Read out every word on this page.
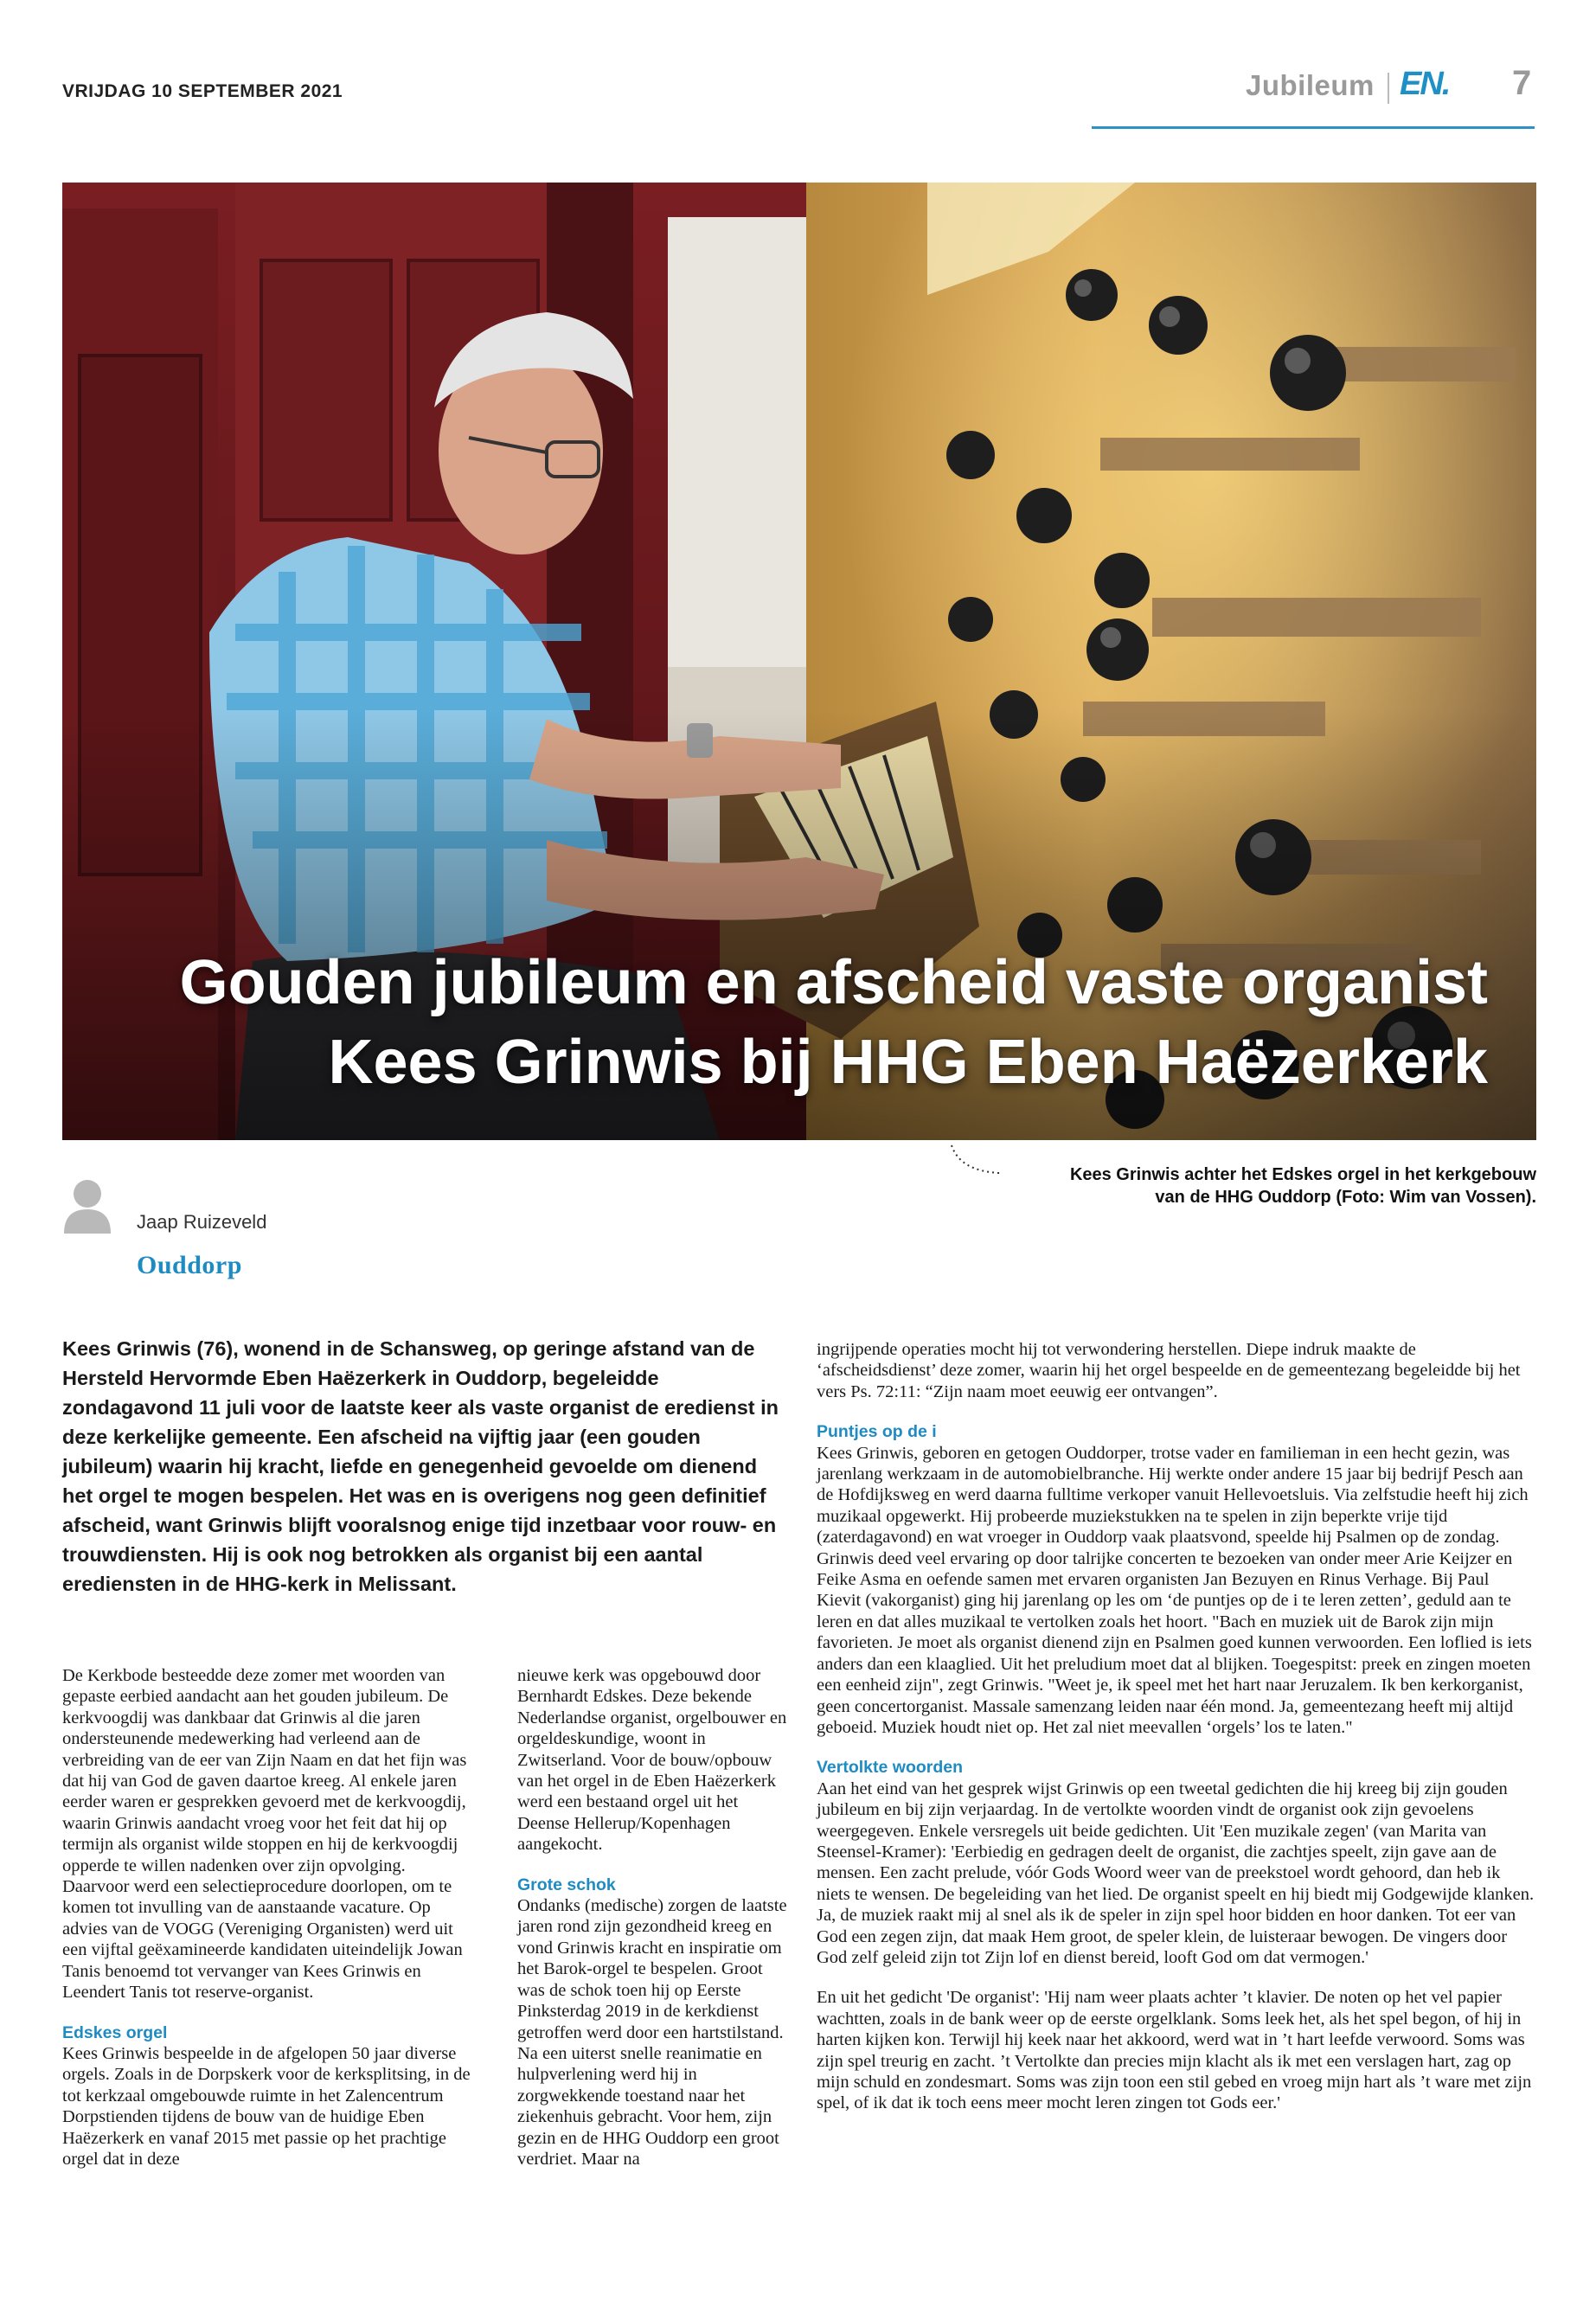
VRIJDAG 10 SEPTEMBER 2021	Jubileum EN. 7
Gouden jubileum en afscheid vaste organist
Kees Grinwis bij HHG Eben Haëzerkerk
Kees Grinwis achter het Edskes orgel in het kerkgebouw
van de HHG Ouddorp (Foto: Wim van Vossen).
Jaap Ruizeveld
Ouddorp

Kees Grinwis (76), wonend in de Schansweg, op geringe afstand van de Hersteld Hervormde Eben Haëzerkerk in Ouddorp, begeleidde zondagavond 11 juli voor de laatste keer als vaste organist de eredienst in deze kerkelijke gemeente. Een afscheid na vijftig jaar (een gouden jubileum) waarin hij kracht, liefde en genegenheid gevoelde om dienend het orgel te mogen bespelen. Het was en is overigens nog geen definitief afscheid, want Grinwis blijft vooralsnog enige tijd inzetbaar voor rouw- en trouwdiensten. Hij is ook nog betrokken als organist bij een aantal erediensten in de HHG-kerk in Melissant.

De Kerkbode besteedde deze zomer met woorden van gepaste eerbied aandacht aan het gouden jubileum. De kerkvoogdij was dankbaar dat Grinwis al die jaren ondersteunende medewerking had verleend aan de verbreiding van de eer van Zijn Naam en dat het fijn was dat hij van God de gaven daartoe kreeg. Al enkele jaren eerder waren er gesprekken gevoerd met de kerkvoogdij, waarin Grinwis aandacht vroeg voor het feit dat hij op termijn als organist wilde stoppen en hij de kerkvoogdij opperde te willen nadenken over zijn opvolging. Daarvoor werd een selectieprocedure doorlopen, om te komen tot invulling van de aanstaande vacature. Op advies van de VOGG (Vereniging Organisten) werd uit een vijftal geëxamineerde kandidaten uiteindelijk Jowan Tanis benoemd tot vervanger van Kees Grinwis en Leendert Tanis tot reserve-organist.

Edskes orgel

Kees Grinwis bespeelde in de afgelopen 50 jaar diverse orgels. Zoals in de Dorpskerk voor de kerksplitsing, in de tot kerkzaal omgebouwde ruimte in het Zalencentrum Dorpstienden tijdens de bouw van de huidige Eben Haëzerkerk en vanaf 2015 met passie op het prachtige orgel dat in deze

nieuwe kerk was opgebouwd door Bernhardt Edskes. Deze bekende Nederlandse organist, orgelbouwer en orgeldeskundige, woont in Zwitserland. Voor de bouw/opbouw van het orgel in de Eben Haëzerkerk werd een bestaand orgel uit het Deense Hellerup/Kopenhagen aangekocht.

Grote schok

Ondanks (medische) zorgen de laatste jaren rond zijn gezondheid kreeg en vond Grinwis kracht en inspiratie om het Barok-orgel te bespelen. Groot was de schok toen hij op Eerste Pinksterdag 2019 in de kerkdienst getroffen werd door een hartstilstand. Na een uiterst snelle reanimatie en hulpverlening werd hij in zorgwekkende toestand naar het ziekenhuis gebracht. Voor hem, zijn gezin en de HHG Ouddorp een groot verdriet. Maar na

ingrijpende operaties mocht hij tot verwondering herstellen. Diepe indruk maakte de ‘afscheidsdienst’ deze zomer, waarin hij het orgel bespeelde en de gemeentezang begeleidde bij het vers Ps. 72:11: “Zijn naam moet eeuwig eer ontvangen”.

Puntjes op de i

Kees Grinwis, geboren en getogen Ouddorper, trotse vader en familieman in een hecht gezin, was jarenlang werkzaam in de automobielbranche. Hij werkte onder andere 15 jaar bij bedrijf Pesch aan de Hofdijksweg en werd daarna fulltime verkoper vanuit Hellevoetsluis. Via zelfstudie heeft hij zich muzikaal opgewerkt. Hij probeerde muziekstukken na te spelen in zijn beperkte vrije tijd (zaterdagavond) en wat vroeger in Ouddorp vaak plaatsvond, speelde hij Psalmen op de zondag. Grinwis deed veel ervaring op door talrijke concerten te bezoeken van onder meer Arie Keijzer en Feike Asma en oefende samen met ervaren organisten Jan Bezuyen en Rinus Verhage. Bij Paul Kievit (vakorganist) ging hij jarenlang op les om ‘de puntjes op de i te leren zetten’, geduld aan te leren en dat alles muzikaal te vertolken zoals het hoort. "Bach en muziek uit de Barok zijn mijn favorieten. Je moet als organist dienend zijn en Psalmen goed kunnen verwoorden. Een loflied is iets anders dan een klaaglied. Uit het preludium moet dat al blijken. Toegespitst: preek en zingen moeten een eenheid zijn", zegt Grinwis. "Weet je, ik speel met het hart naar Jeruzalem. Ik ben kerkorganist, geen concertorganist. Massale samenzang leiden naar één mond. Ja, gemeentezang heeft mij altijd geboeid. Muziek houdt niet op. Het zal niet meevallen ‘orgels’ los te laten."

Vertolkte woorden

Aan het eind van het gesprek wijst Grinwis op een tweetal gedichten die hij kreeg bij zijn gouden jubileum en bij zijn verjaardag. In de vertolkte woorden vindt de organist ook zijn gevoelens weergegeven. Enkele versregels uit beide gedichten. Uit 'Een muzikale zegen' (van Marita van Steensel-Kramer): 'Eerbiedig en gedragen deelt de organist, die zachtjes speelt, zijn gave aan de mensen. Een zacht prelude, vóór Gods Woord weer van de preekstoel wordt gehoord, dan heb ik niets te wensen. De begeleiding van het lied. De organist speelt en hij biedt mij Godgewijde klanken. Ja, de muziek raakt mij al snel als ik de speler in zijn spel hoor bidden en hoor danken. Tot eer van God een zegen zijn, dat maak Hem groot, de speler klein, de luisteraar bewogen. De vingers door God zelf geleid zijn tot Zijn lof en dienst bereid, looft God om dat vermogen.'

En uit het gedicht 'De organist': 'Hij nam weer plaats achter ’t klavier. De noten op het vel papier wachtten, zoals in de bank weer op de eerste orgelklank. Soms leek het, als het spel begon, of hij in harten kijken kon. Terwijl hij keek naar het akkoord, werd wat in ’t hart leefde verwoord. Soms was zijn spel treurig en zacht. ’t Vertolkte dan precies mijn klacht als ik met een verslagen hart, zag op mijn schuld en zondesmart. Soms was zijn toon een stil gebed en vroeg mijn hart als ’t ware met zijn spel, of ik dat ik toch eens meer mocht leren zingen tot Gods eer.'
